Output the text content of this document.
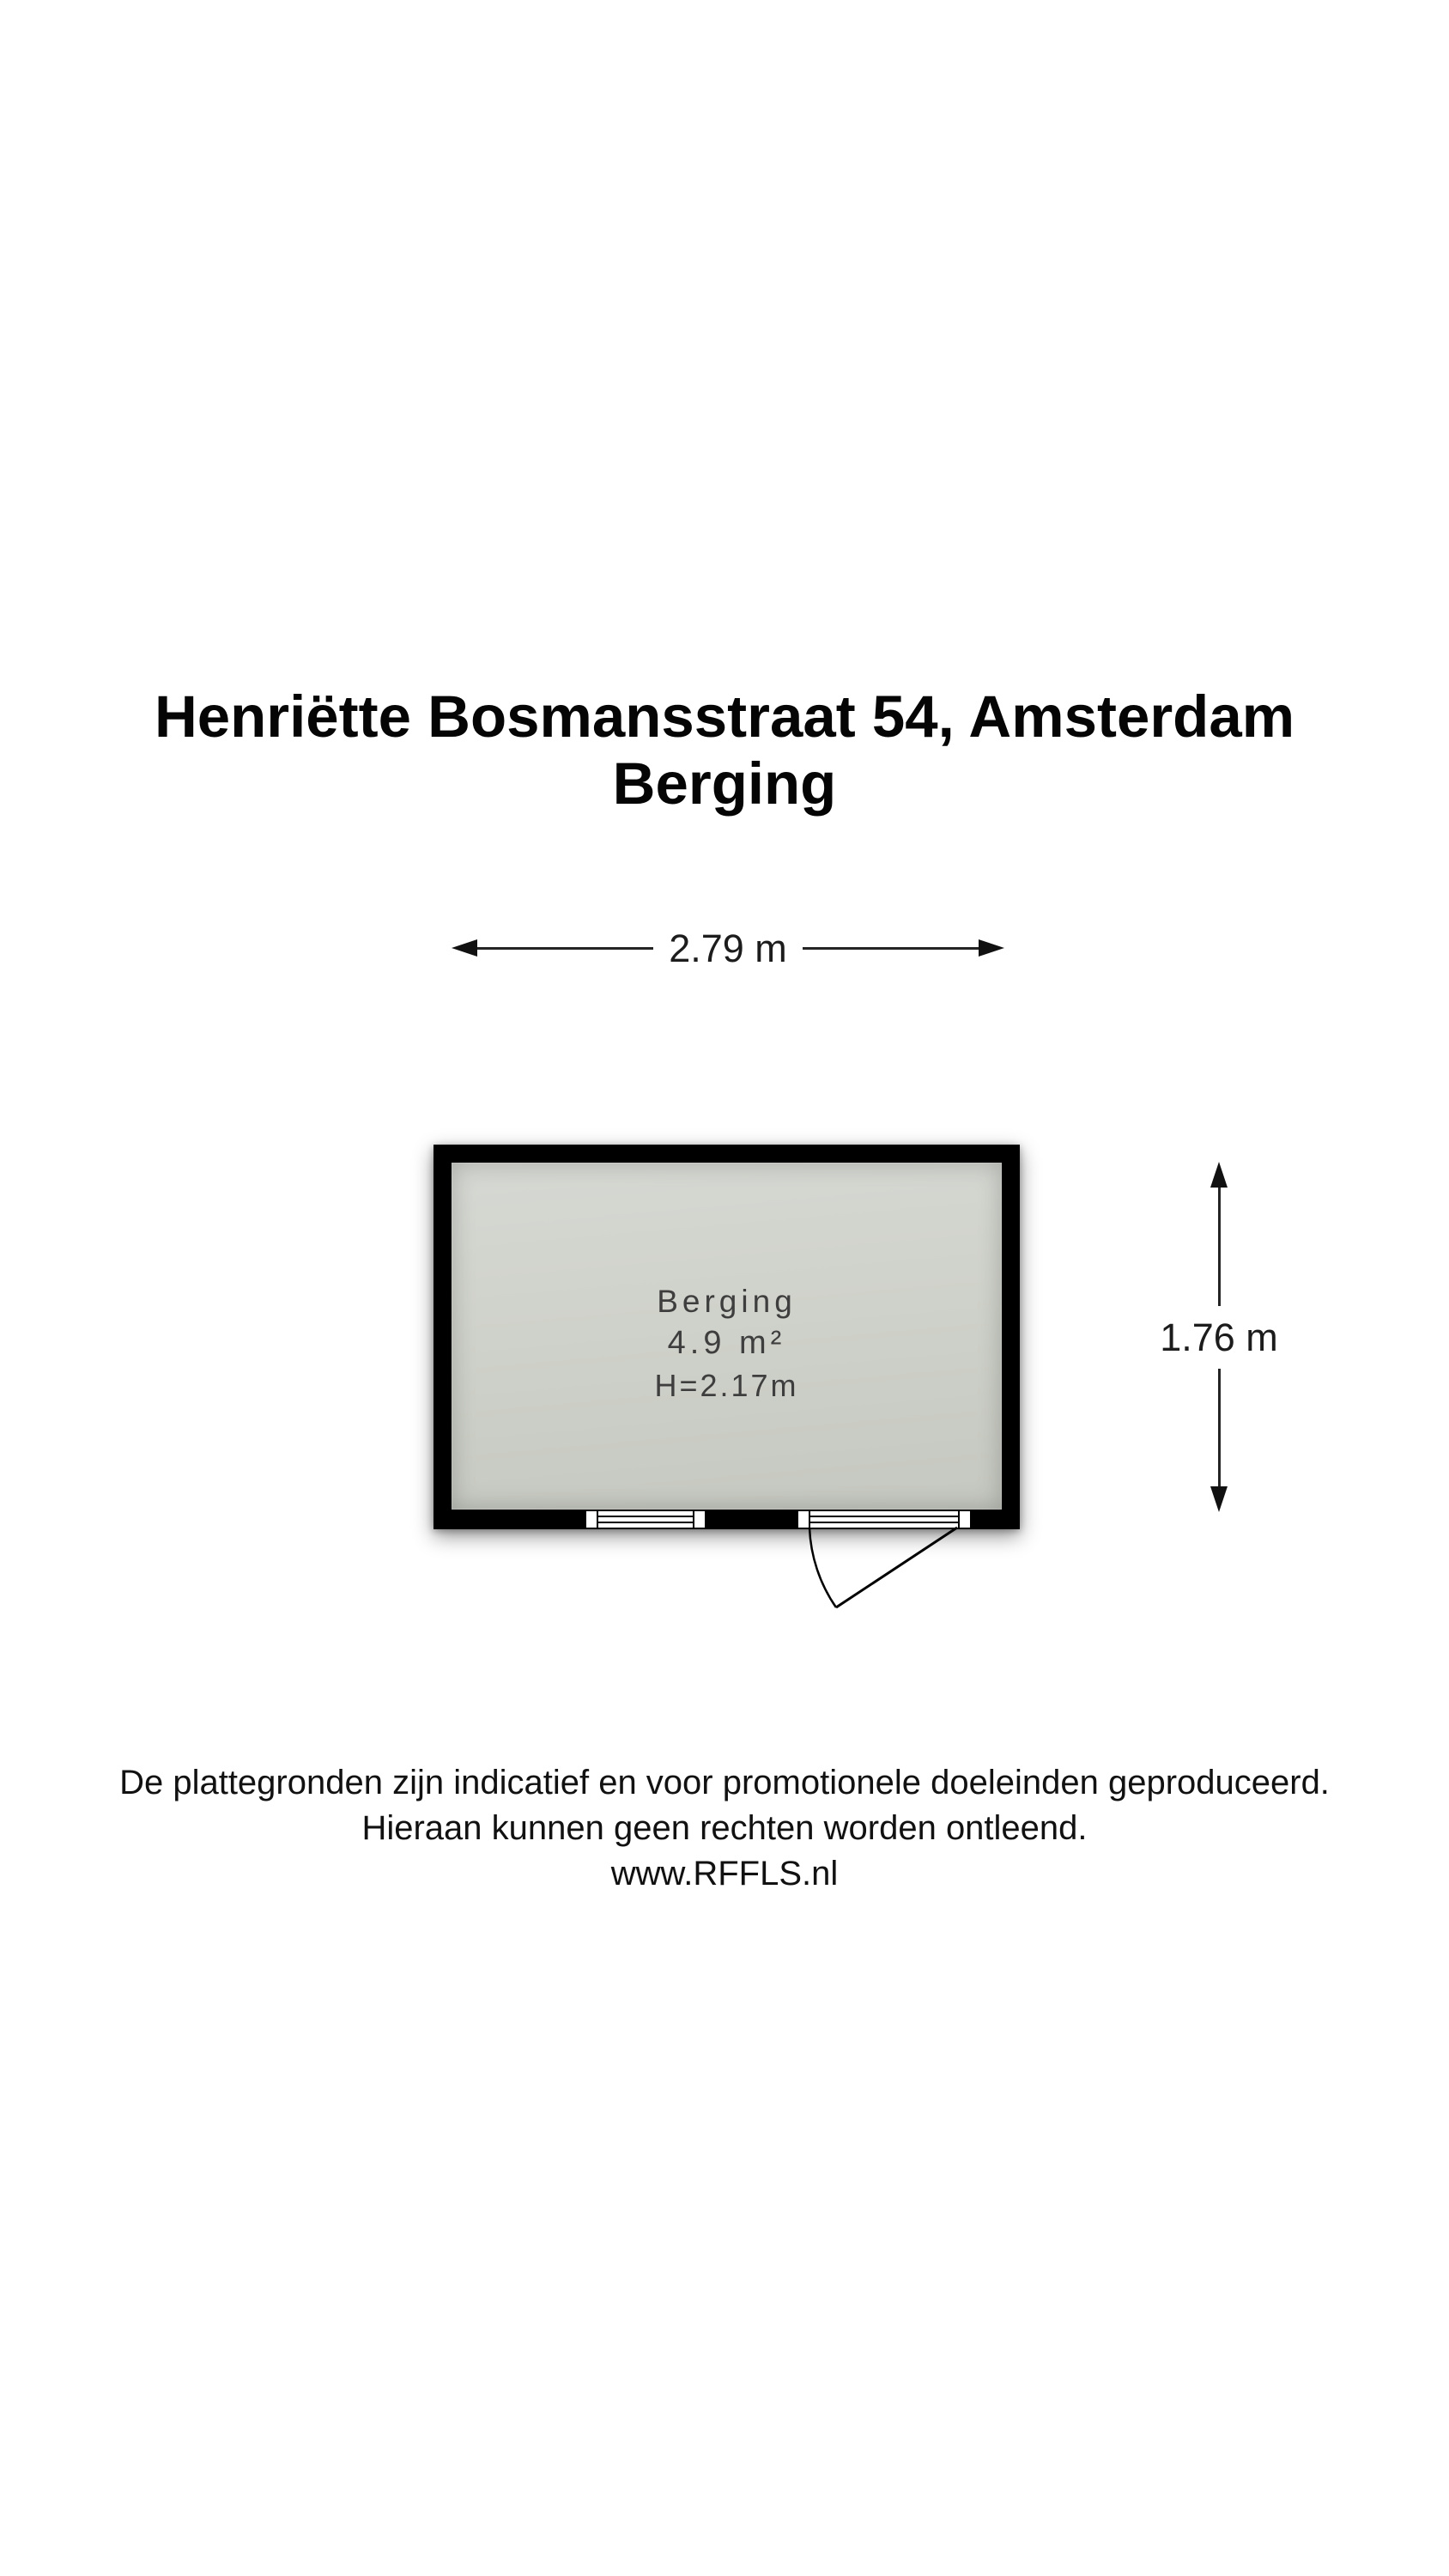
Henriëtte Bosmansstraat 54, Amsterdam
Berging
2.79 m
Berging
4.9 m²
H=2.17m
1.76 m
De plattegronden zijn indicatief en voor promotionele doeleinden geproduceerd.
Hieraan kunnen geen rechten worden ontleend.
www.RFFLS.nl
